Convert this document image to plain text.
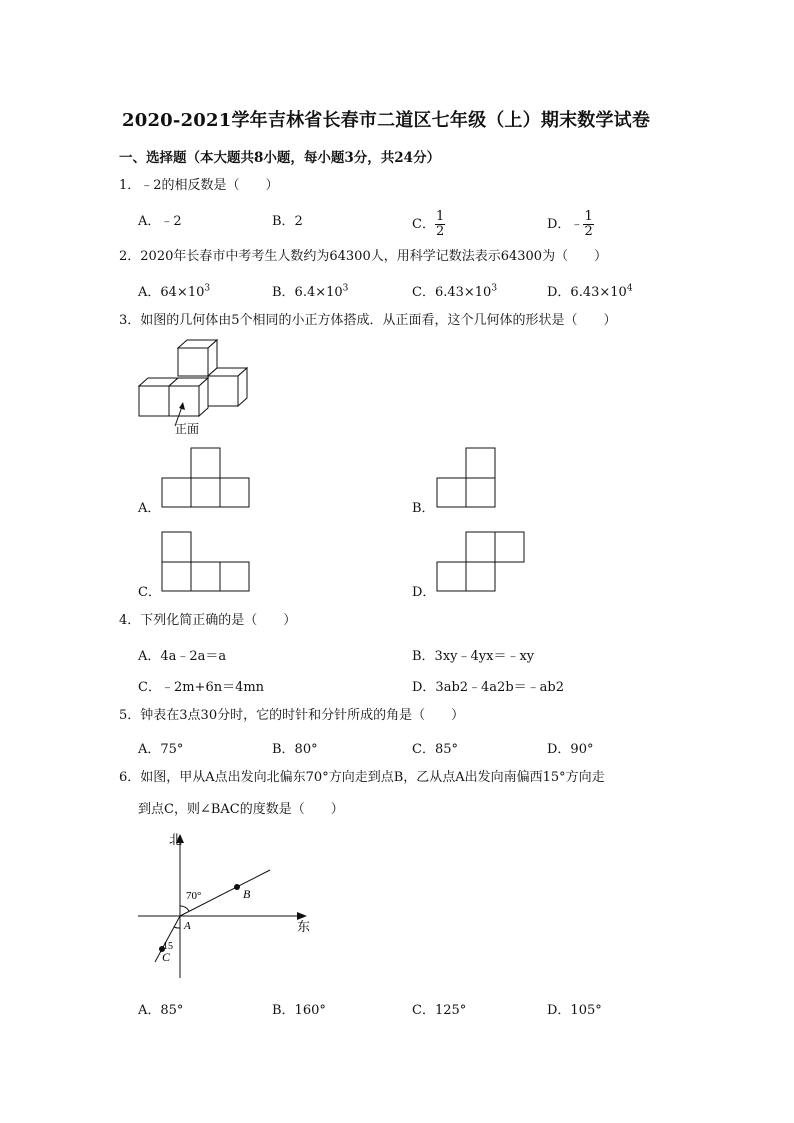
2020-2021学年吉林省长春市二道区七年级（上）期末数学试卷
一、选择题（本大题共8小题，每小题3分，共24分）
1．﹣2的相反数是（　　）
A．﹣2	B．2	C． $\frac{1}{2}$	D．﹣ $\frac{1}{2}$
2．2020年长春市中考考生人数约为64300人，用科学记数法表示64300为（　　）
A．$64\times 10^3$	B．$6.4\times 10^3$	C．$6.43\times 10^3$	D．$6.43\times 10^4$
3．如图的几何体由5个相同的小正方体搭成．从正面看，这个几何体的形状是（　　）
正面
A．	B．
C．	D．
4．下列化简正确的是（　　）
A．4a﹣2a＝a	B．3xy﹣4yx＝﹣xy
C．﹣2m+6n＝4mn	D．3ab2﹣4a2b＝﹣ab2
5．钟表在3点30分时，它的时针和分针所成的角是（　　）
A．75°	B．80°	C．85°	D．90°
6．如图，甲从A点出发向北偏东70°方向走到点B，乙从点A出发向南偏西15°方向走
到点C，则∠BAC的度数是（　　）
北
东
B
C
70°
15
A
A．85°	B．160°	C．125°	D．105°
